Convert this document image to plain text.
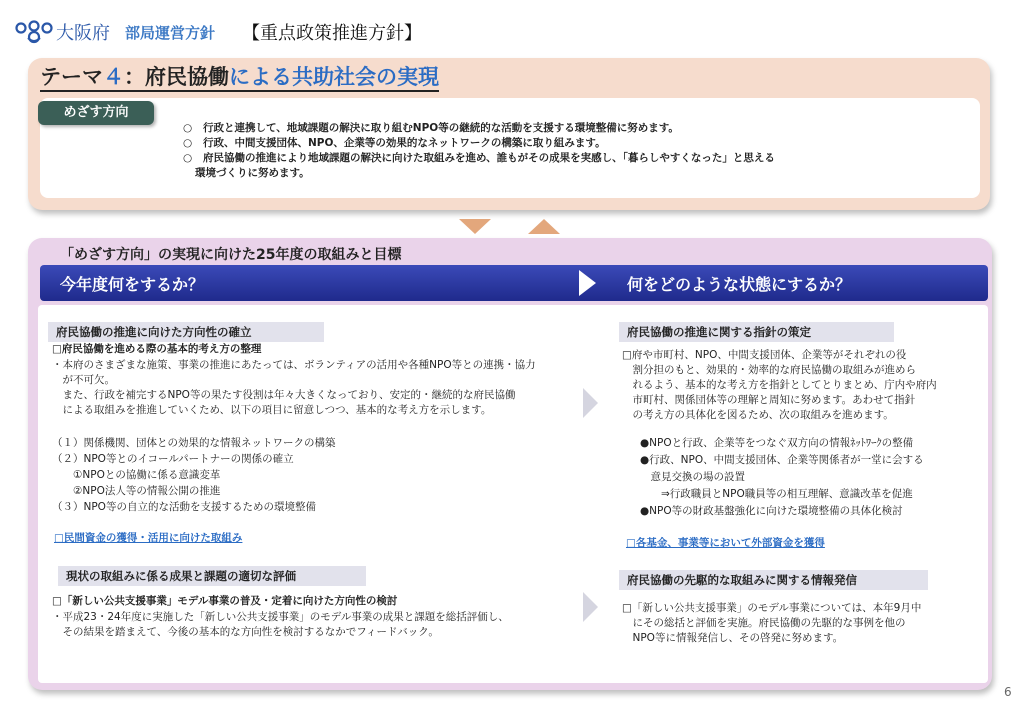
大阪府 部局運営方針 【重点政策推進方針】
テーマ４：府民協働による共助社会の実現
めざす方向
○ 行政と連携して、地域課題の解決に取り組むNPO等の継続的な活動を支援する環境整備に努めます。
○ 行政、中間支援団体、NPO、企業等の効果的なネットワークの構築に取り組みます。
○ 府民協働の推進により地域課題の解決に向けた取組みを進め、誰もがその成果を実感し、「暮らしやすくなった」と思える
環境づくりに努めます。
「めざす方向」の実現に向けた25年度の取組みと目標
今年度何をするか？	何をどのような状態にするか？
府民協働の推進に向けた方向性の確立
□府民協働を進める際の基本的考え方の整理
・本府のさまざまな施策、事業の推進にあたっては、ボランティアの活用や各種NPO等との連携・協力
　が不可欠。
　また、行政を補完するNPO等の果たす役割は年々大きくなっており、安定的・継続的な府民協働
　による取組みを推進していくため、以下の項目に留意しつつ、基本的な考え方を示します。
（１）関係機関、団体との効果的な情報ネットワークの構築
（２）NPO等とのイコールパートナーの関係の確立
　　①NPOとの協働に係る意識変革
　　②NPO法人等の情報公開の推進
（３）NPO等の自立的な活動を支援するための環境整備
□民間資金の獲得・活用に向けた取組み
府民協働の推進に関する指針の策定
□府や市町村、NPO、中間支援団体、企業等がそれぞれの役
　割分担のもと、効果的・効率的な府民協働の取組みが進めら
　れるよう、基本的な考え方を指針としてとりまとめ、庁内や府内
　市町村、関係団体等の理解と周知に努めます。あわせて指針
　の考え方の具体化を図るため、次の取組みを進めます。
●NPOと行政、企業等をつなぐ双方向の情報ﾈｯﾄﾜｰｸの整備
●行政、NPO、中間支援団体、企業等関係者が一堂に会する
　意見交換の場の設置
　　⇒行政職員とNPO職員等の相互理解、意識改革を促進
●NPO等の財政基盤強化に向けた環境整備の具体化検討
□各基金、事業等において外部資金を獲得
現状の取組みに係る成果と課題の適切な評価
□「新しい公共支援事業」モデル事業の普及・定着に向けた方向性の検討
・平成23・24年度に実施した「新しい公共支援事業」のモデル事業の成果と課題を総括評価し、
　その結果を踏まえて、今後の基本的な方向性を検討するなかでフィードバック。
府民協働の先駆的な取組みに関する情報発信
□「新しい公共支援事業」のモデル事業については、本年9月中
　にその総括と評価を実施。府民協働の先駆的な事例を他の
　NPO等に情報発信し、その啓発に努めます。
6
